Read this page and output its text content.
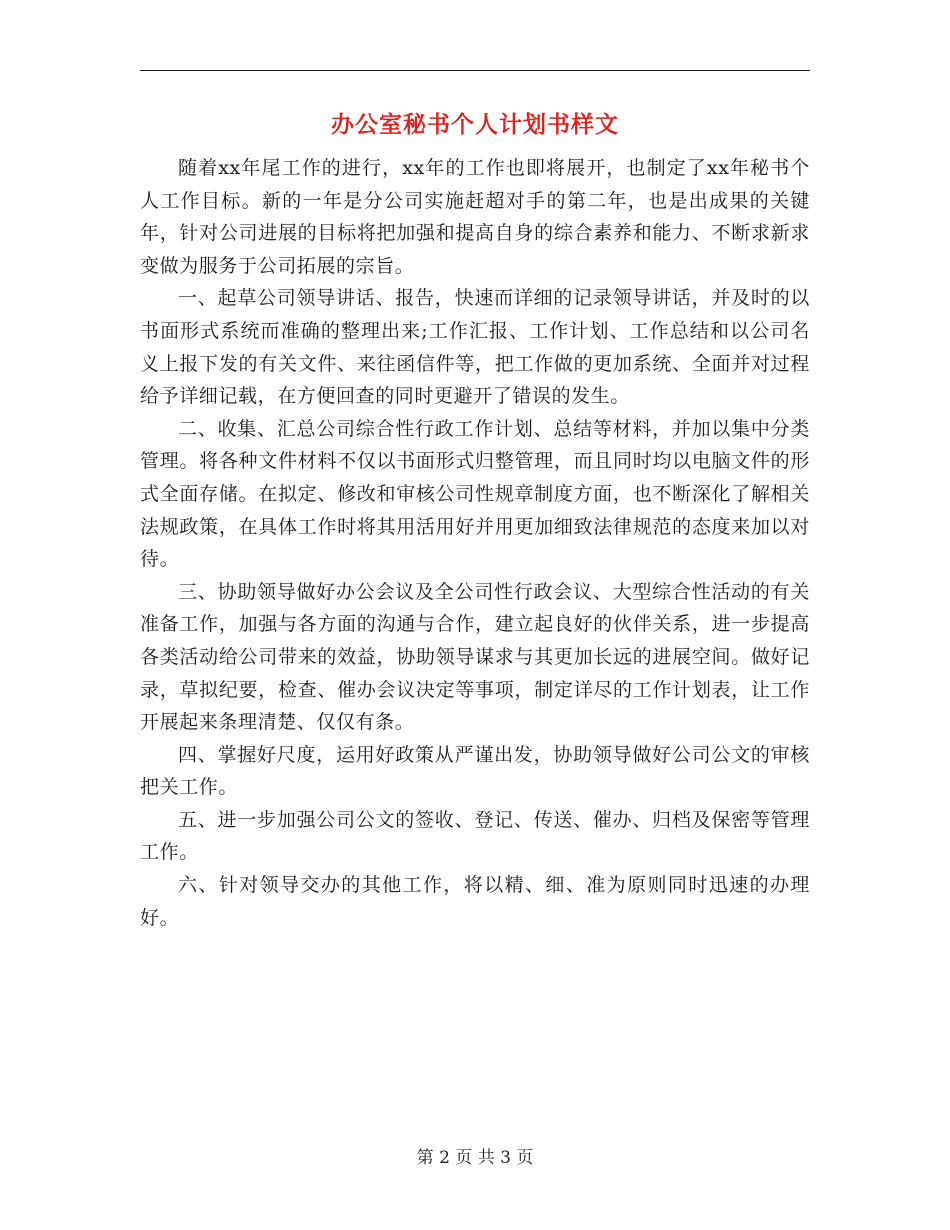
办公室秘书个人计划书样文

随着xx年尾工作的进行，xx年的工作也即将展开，也制定了xx年秘书个人工作目标。新的一年是分公司实施赶超对手的第二年，也是出成果的关键年，针对公司进展的目标将把加强和提高自身的综合素养和能力、不断求新求变做为服务于公司拓展的宗旨。

一、起草公司领导讲话、报告，快速而详细的记录领导讲话，并及时的以书面形式系统而准确的整理出来;工作汇报、工作计划、工作总结和以公司名义上报下发的有关文件、来往函信件等，把工作做的更加系统、全面并对过程给予详细记载，在方便回查的同时更避开了错误的发生。

二、收集、汇总公司综合性行政工作计划、总结等材料，并加以集中分类管理。将各种文件材料不仅以书面形式归整管理，而且同时均以电脑文件的形式全面存储。在拟定、修改和审核公司性规章制度方面，也不断深化了解相关法规政策，在具体工作时将其用活用好并用更加细致法律规范的态度来加以对待。

三、协助领导做好办公会议及全公司性行政会议、大型综合性活动的有关准备工作，加强与各方面的沟通与合作，建立起良好的伙伴关系，进一步提高各类活动给公司带来的效益，协助领导谋求与其更加长远的进展空间。做好记录，草拟纪要，检查、催办会议决定等事项，制定详尽的工作计划表，让工作开展起来条理清楚、仅仅有条。

四、掌握好尺度，运用好政策从严谨出发，协助领导做好公司公文的审核把关工作。

五、进一步加强公司公文的签收、登记、传送、催办、归档及保密等管理工作。

六、针对领导交办的其他工作，将以精、细、准为原则同时迅速的办理好。

第 2 页 共 3 页
